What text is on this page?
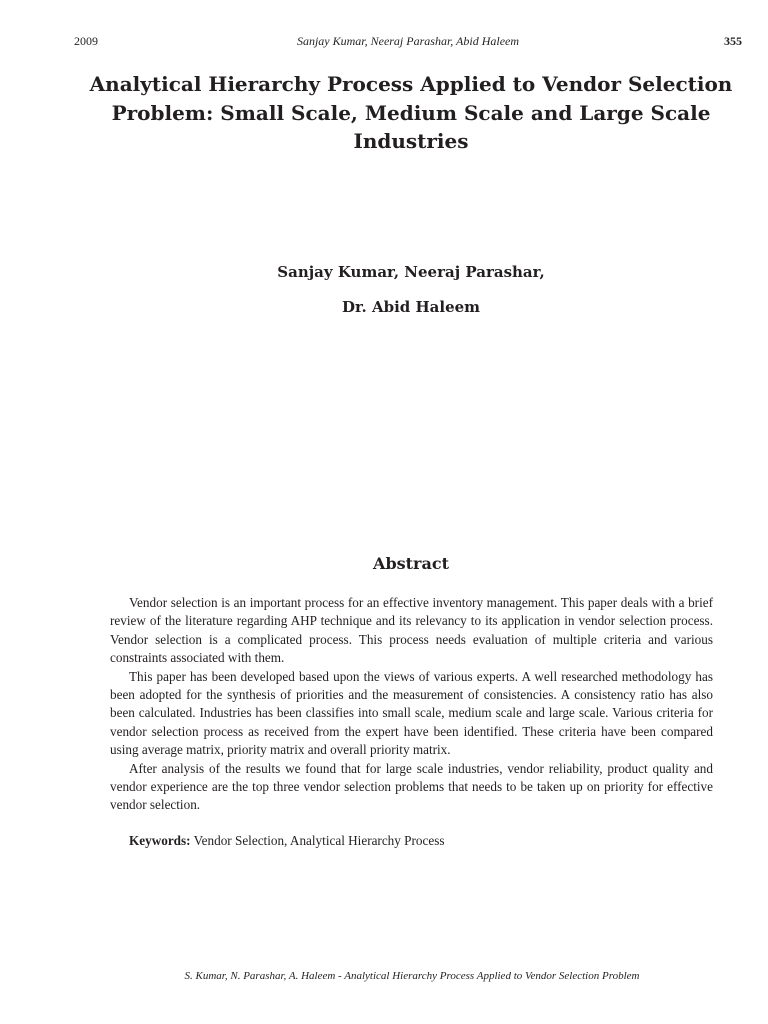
2009	Sanjay Kumar, Neeraj Parashar, Abid Haleem	355
Analytical Hierarchy Process Applied to Vendor Selection Problem: Small Scale, Medium Scale and Large Scale Industries
Sanjay Kumar, Neeraj Parashar,
Dr. Abid Haleem
Abstract

Vendor selection is an important process for an effective inventory management. This paper deals with a brief review of the literature regarding AHP technique and its relevancy to its application in vendor selection process. Vendor selection is a complicated process. This process needs evaluation of multiple criteria and various constraints associated with them.

This paper has been developed based upon the views of various experts. A well researched methodology has been adopted for the synthesis of priorities and the measurement of consistencies. A consistency ratio has also been calculated. Industries has been classifies into small scale, medium scale and large scale. Various criteria for vendor selection process as received from the expert have been identified. These criteria have been compared using average matrix, priority matrix and overall priority matrix.

After analysis of the results we found that for large scale industries, vendor reliability, product quality and vendor experience are the top three vendor selection problems that needs to be taken up on priority for effective vendor selection.

Keywords: Vendor Selection, Analytical Hierarchy Process
S. Kumar, N. Parashar, A. Haleem - Analytical Hierarchy Process Applied to Vendor Selection Problem
